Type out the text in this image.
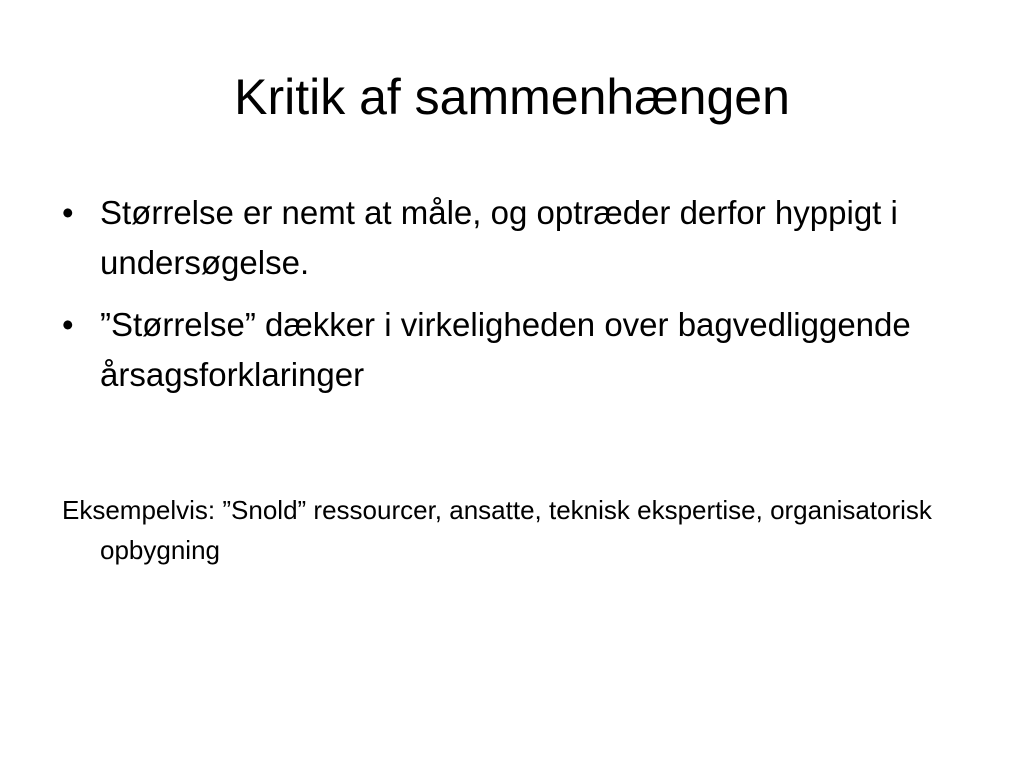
Kritik af sammenhængen
• Størrelse er nemt at måle, og optræder derfor hyppigt i undersøgelse.
• ”Størrelse” dækker i virkeligheden over bagvedliggende årsagsforklaringer

Eksempelvis: ”Snold” ressourcer, ansatte, teknisk ekspertise, organisatorisk opbygning
